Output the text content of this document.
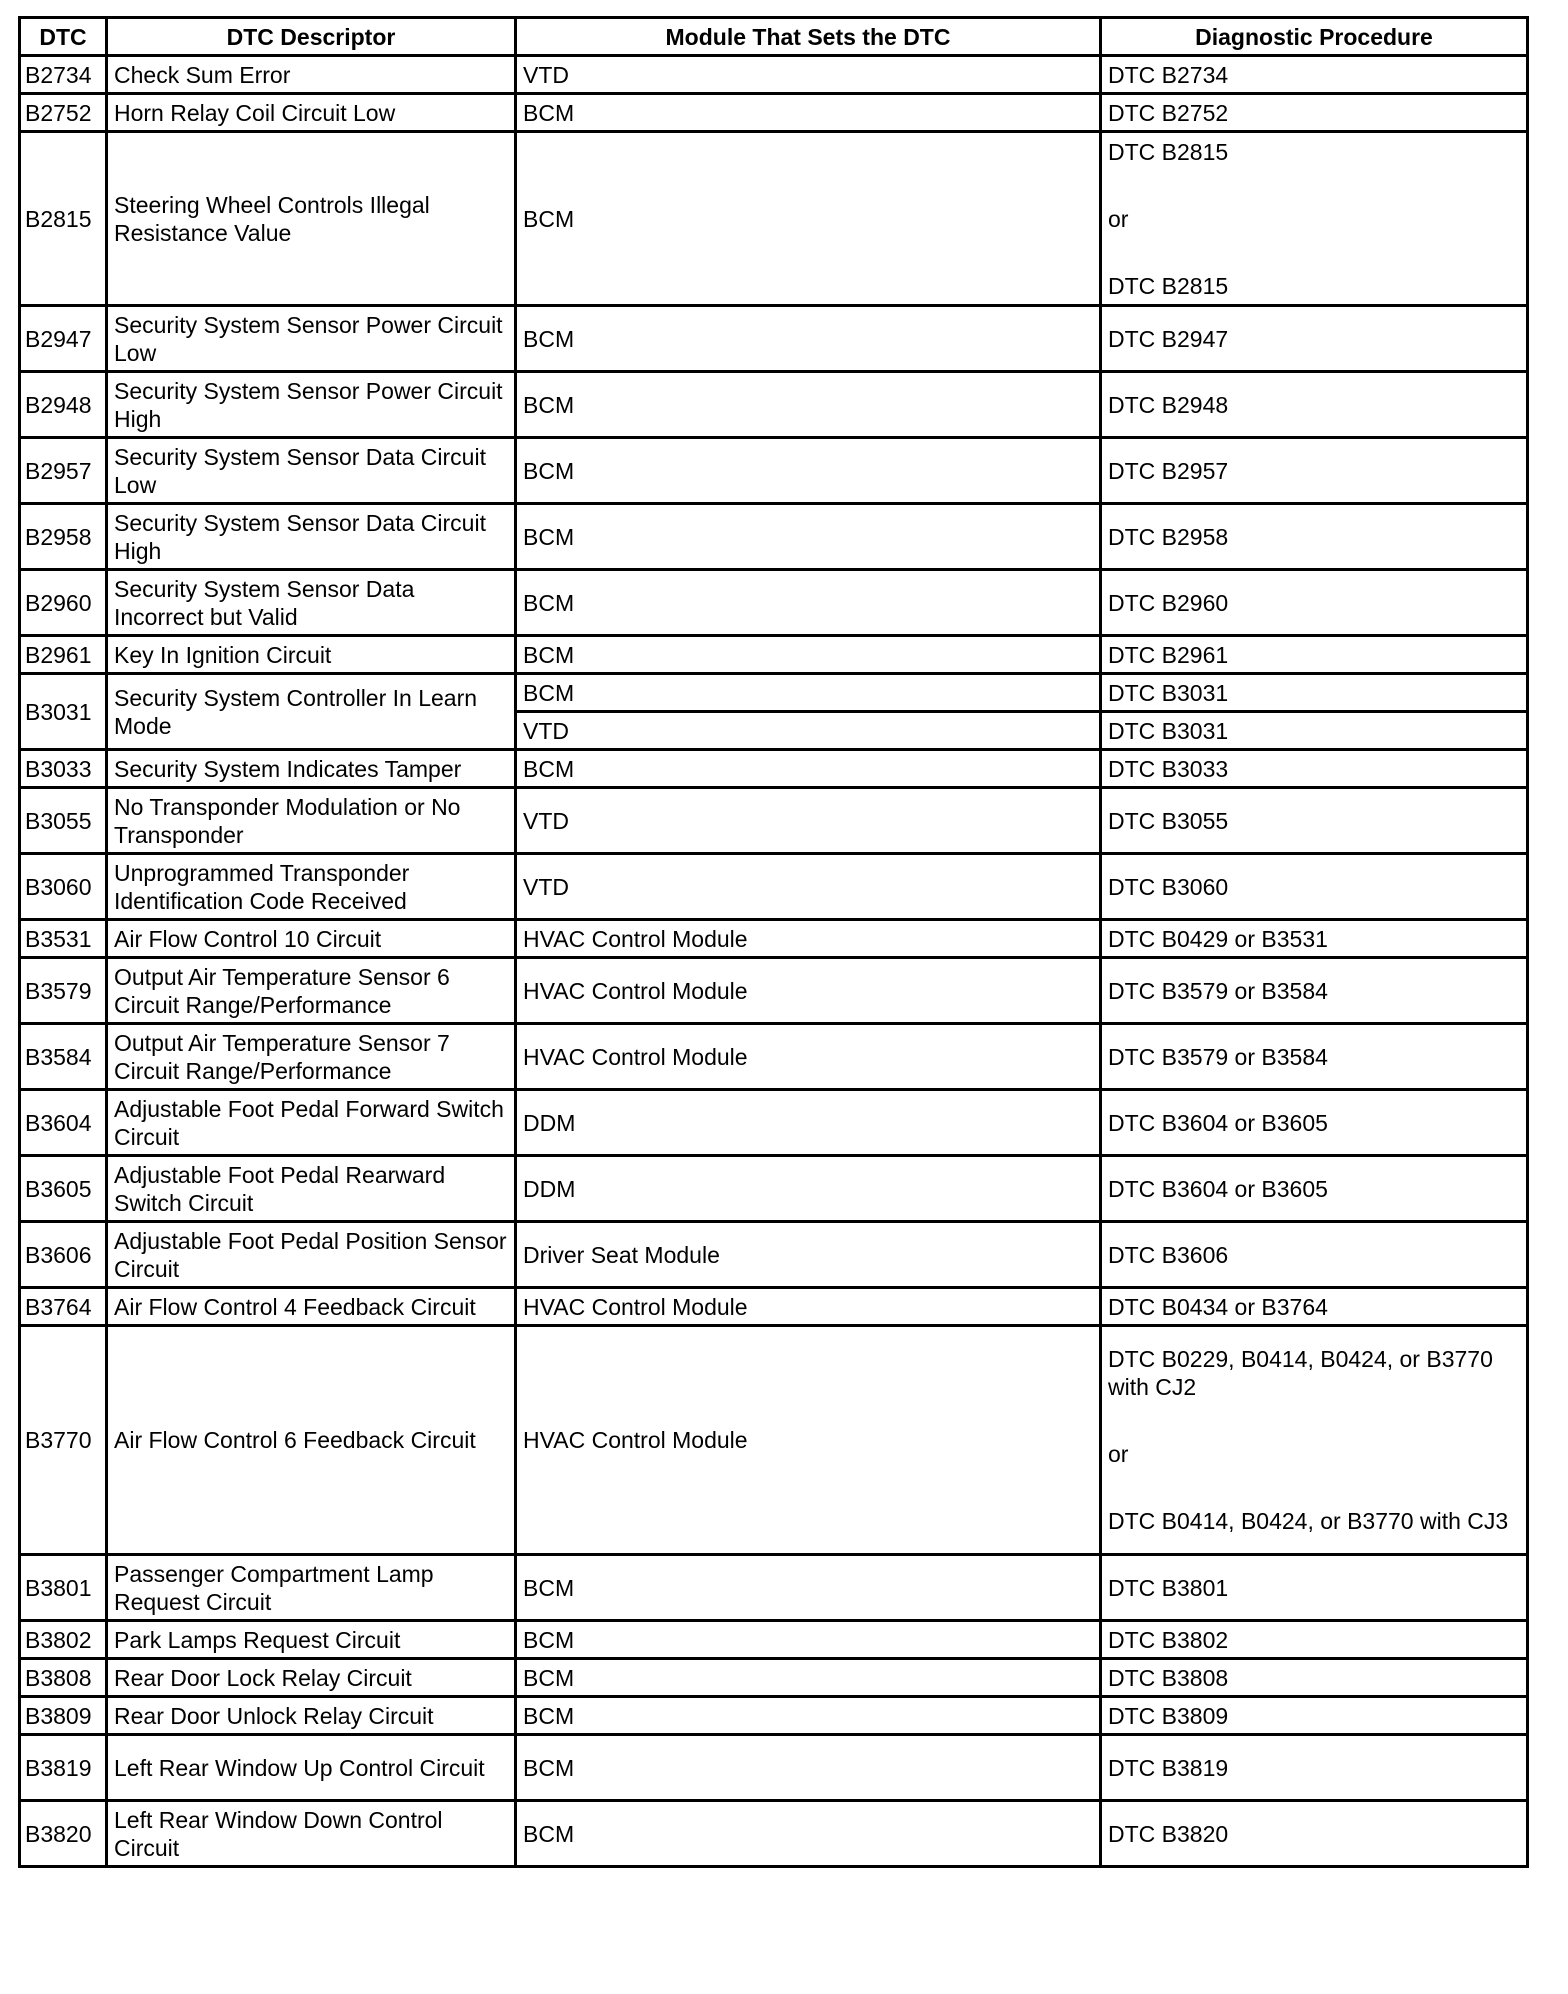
DTC	DTC Descriptor	Module That Sets the DTC	Diagnostic Procedure
B2734	Check Sum Error	VTD	DTC B2734
B2752	Horn Relay Coil Circuit Low	BCM	DTC B2752
B2815	Steering Wheel Controls Illegal Resistance Value	BCM	DTC B2815
or
DTC B2815

B2947	Security System Sensor Power Circuit Low	BCM	DTC B2947
B2948	Security System Sensor Power Circuit High	BCM	DTC B2948
B2957	Security System Sensor Data Circuit Low	BCM	DTC B2957
B2958	Security System Sensor Data Circuit High	BCM	DTC B2958
B2960	Security System Sensor Data Incorrect but Valid	BCM	DTC B2960
B2961	Key In Ignition Circuit	BCM	DTC B2961
B3031	Security System Controller In Learn Mode	BCM	DTC B3031
		VTD	DTC B3031
B3033	Security System Indicates Tamper	BCM	DTC B3033
B3055	No Transponder Modulation or No Transponder	VTD	DTC B3055
B3060	Unprogrammed Transponder Identification Code Received	VTD	DTC B3060
B3531	Air Flow Control 10 Circuit	HVAC Control Module	DTC B0429 or B3531
B3579	Output Air Temperature Sensor 6 Circuit Range/Performance	HVAC Control Module	DTC B3579 or B3584
B3584	Output Air Temperature Sensor 7 Circuit Range/Performance	HVAC Control Module	DTC B3579 or B3584
B3604	Adjustable Foot Pedal Forward Switch Circuit	DDM	DTC B3604 or B3605
B3605	Adjustable Foot Pedal Rearward Switch Circuit	DDM	DTC B3604 or B3605
B3606	Adjustable Foot Pedal Position Sensor Circuit	Driver Seat Module	DTC B3606
B3764	Air Flow Control 4 Feedback Circuit	HVAC Control Module	DTC B0434 or B3764
B3770	Air Flow Control 6 Feedback Circuit	HVAC Control Module	DTC B0229, B0414, B0424, or B3770 with CJ2
or
DTC B0414, B0424, or B3770 with CJ3

B3801	Passenger Compartment Lamp Request Circuit	BCM	DTC B3801
B3802	Park Lamps Request Circuit	BCM	DTC B3802
B3808	Rear Door Lock Relay Circuit	BCM	DTC B3808
B3809	Rear Door Unlock Relay Circuit	BCM	DTC B3809
B3819	Left Rear Window Up Control Circuit	BCM	DTC B3819
B3820	Left Rear Window Down Control Circuit	BCM	DTC B3820
